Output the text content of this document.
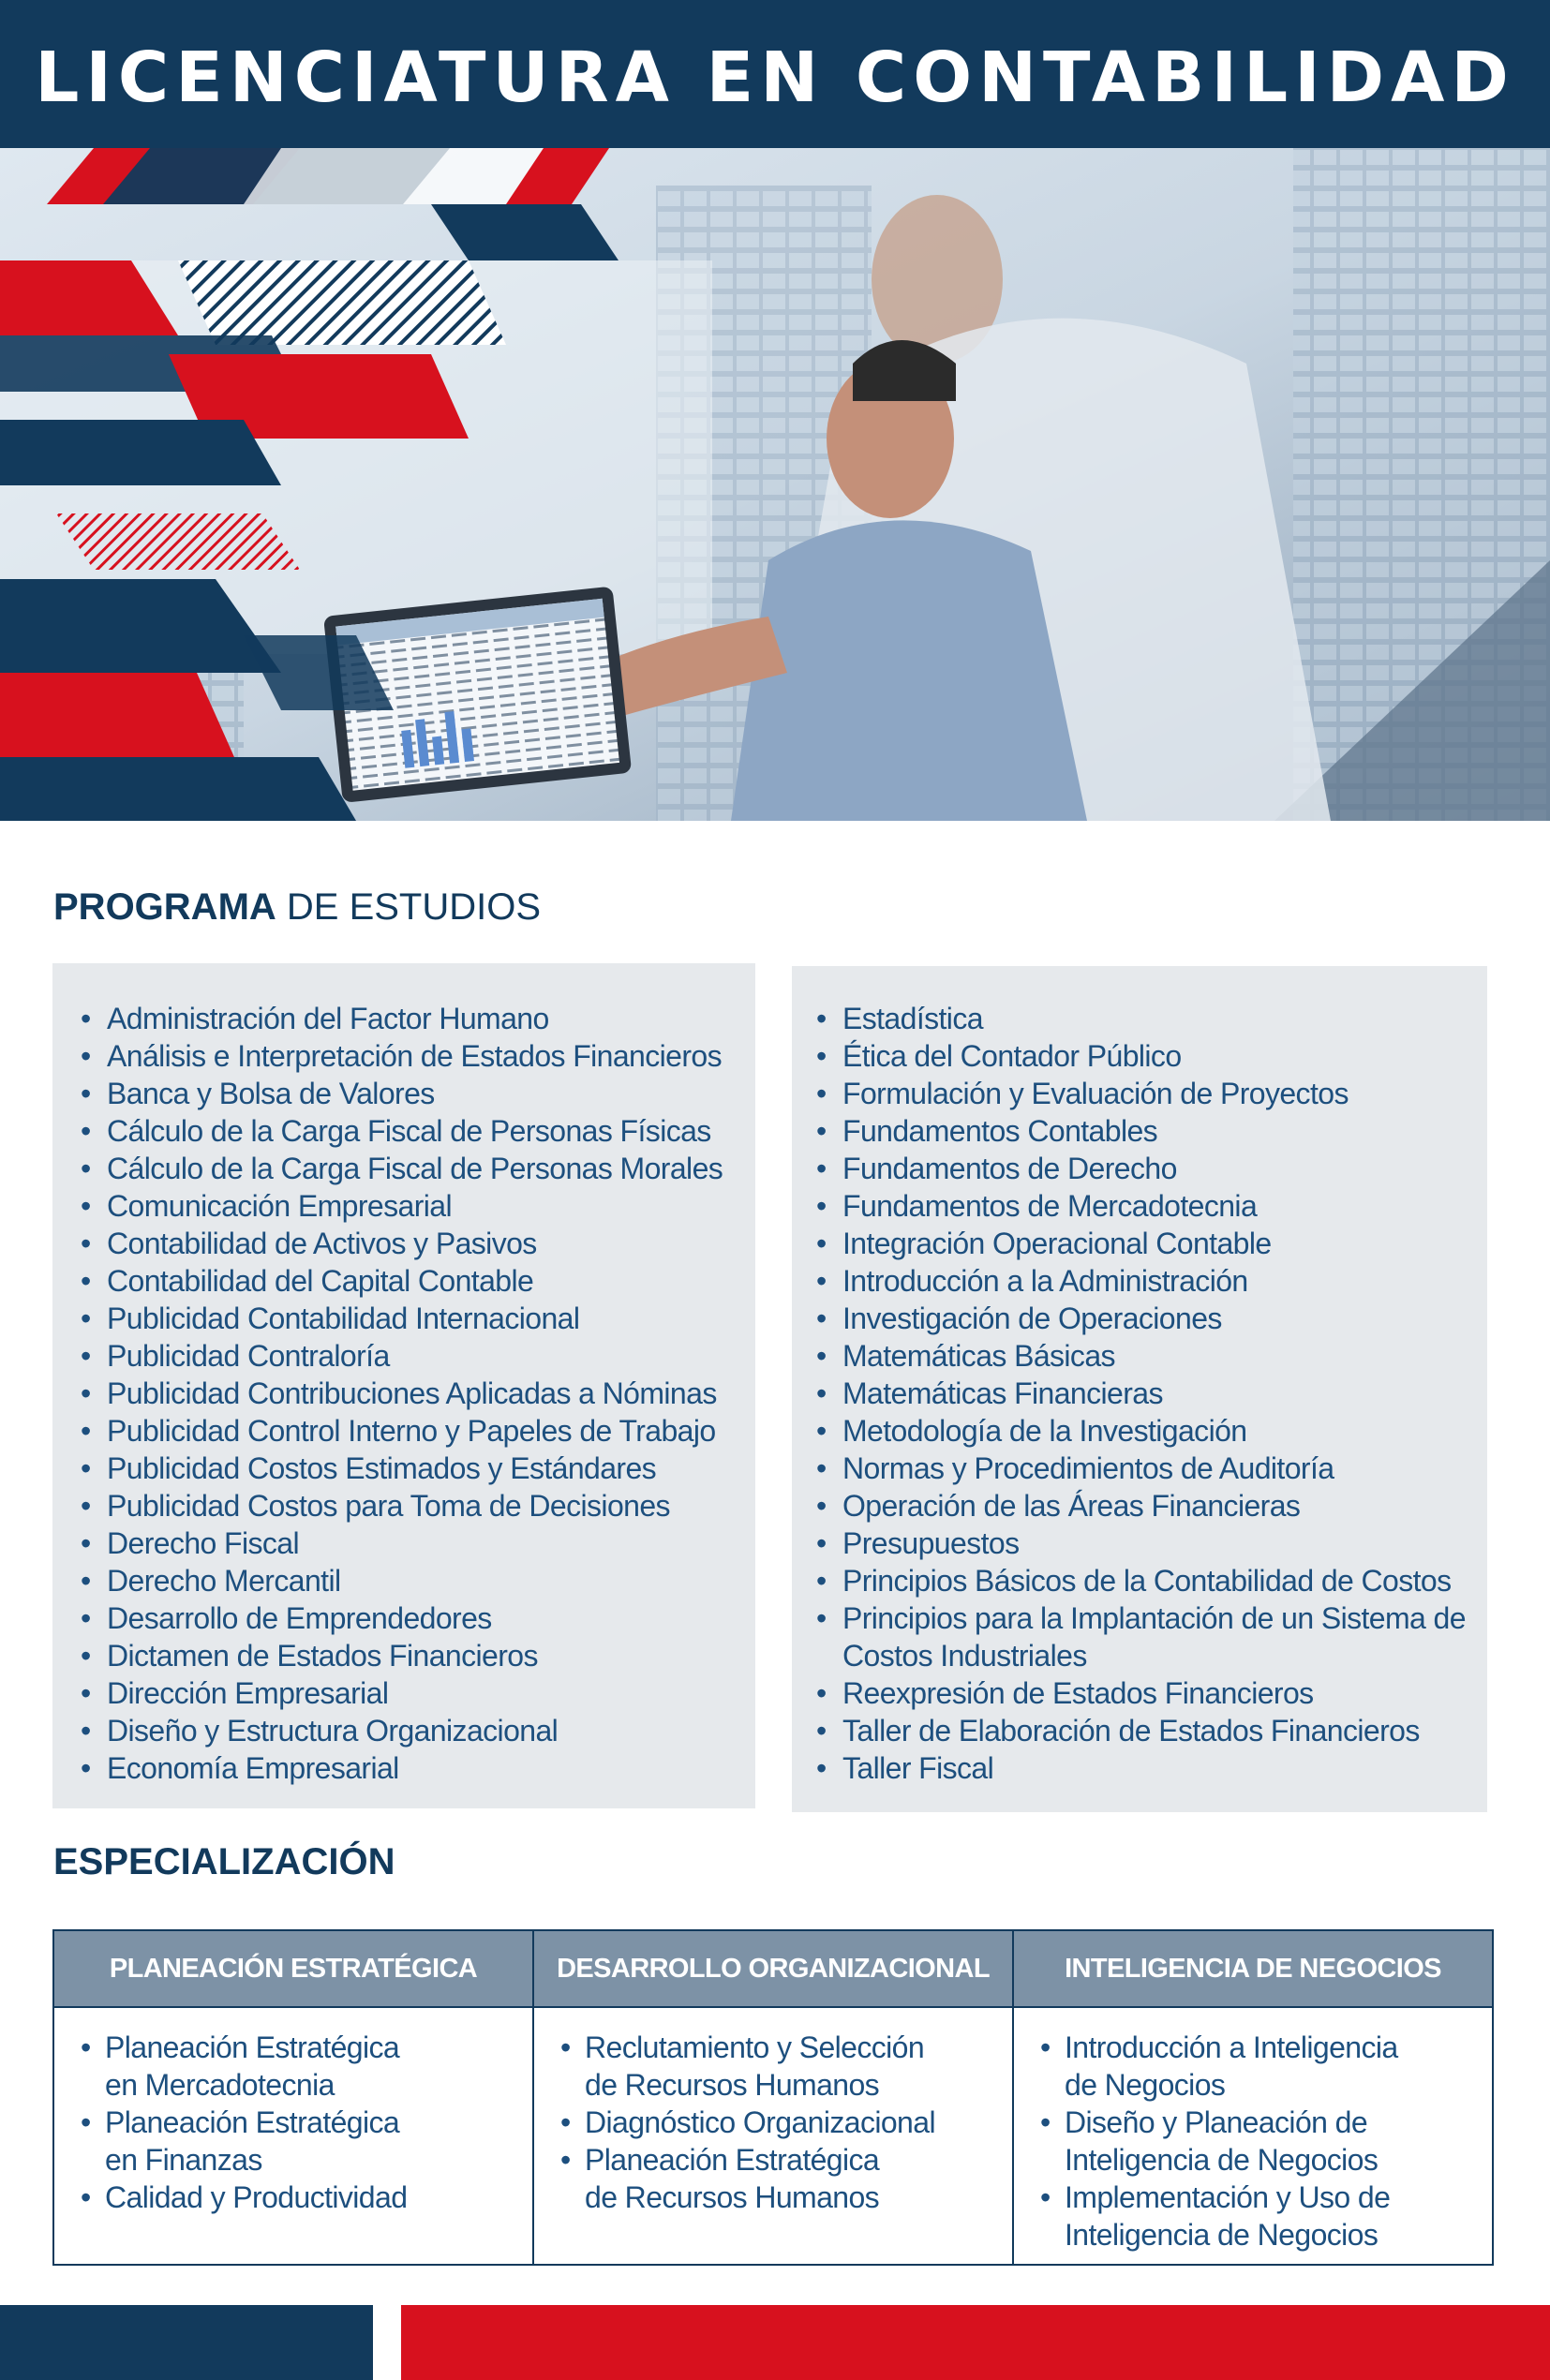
LICENCIATURA EN CONTABILIDAD
PROGRAMA DE ESTUDIOS
• Administración del Factor Humano
• Análisis e Interpretación de Estados Financieros
• Banca y Bolsa de Valores
• Cálculo de la Carga Fiscal de Personas Físicas
• Cálculo de la Carga Fiscal de Personas Morales
• Comunicación Empresarial
• Contabilidad de Activos y Pasivos
• Contabilidad del Capital Contable
• Publicidad Contabilidad Internacional
• Publicidad Contraloría
• Publicidad Contribuciones Aplicadas a Nóminas
• Publicidad Control Interno y Papeles de Trabajo
• Publicidad Costos Estimados y Estándares
• Publicidad Costos para Toma de Decisiones
• Derecho Fiscal
• Derecho Mercantil
• Desarrollo de Emprendedores
• Dictamen de Estados Financieros
• Dirección Empresarial
• Diseño y Estructura Organizacional
• Economía Empresarial
• Estadística
• Ética del Contador Público
• Formulación y Evaluación de Proyectos
• Fundamentos Contables
• Fundamentos de Derecho
• Fundamentos de Mercadotecnia
• Integración Operacional Contable
• Introducción a la Administración
• Investigación de Operaciones
• Matemáticas Básicas
• Matemáticas Financieras
• Metodología de la Investigación
• Normas y Procedimientos de Auditoría
• Operación de las Áreas Financieras
• Presupuestos
• Principios Básicos de la Contabilidad de Costos
• Principios para la Implantación de un Sistema de Costos Industriales
• Reexpresión de Estados Financieros
• Taller de Elaboración de Estados Financieros
• Taller Fiscal
ESPECIALIZACIÓN
PLANEACIÓN ESTRATÉGICA
• Planeación Estratégica
en Mercadotecnia
• Planeación Estratégica
en Finanzas
• Calidad y Productividad
DESARROLLO ORGANIZACIONAL
• Reclutamiento y Selección
de Recursos Humanos
• Diagnóstico Organizacional
• Planeación Estratégica
de Recursos Humanos
INTELIGENCIA DE NEGOCIOS
• Introducción a Inteligencia
de Negocios
• Diseño y Planeación de
Inteligencia de Negocios
• Implementación y Uso de
Inteligencia de Negocios
